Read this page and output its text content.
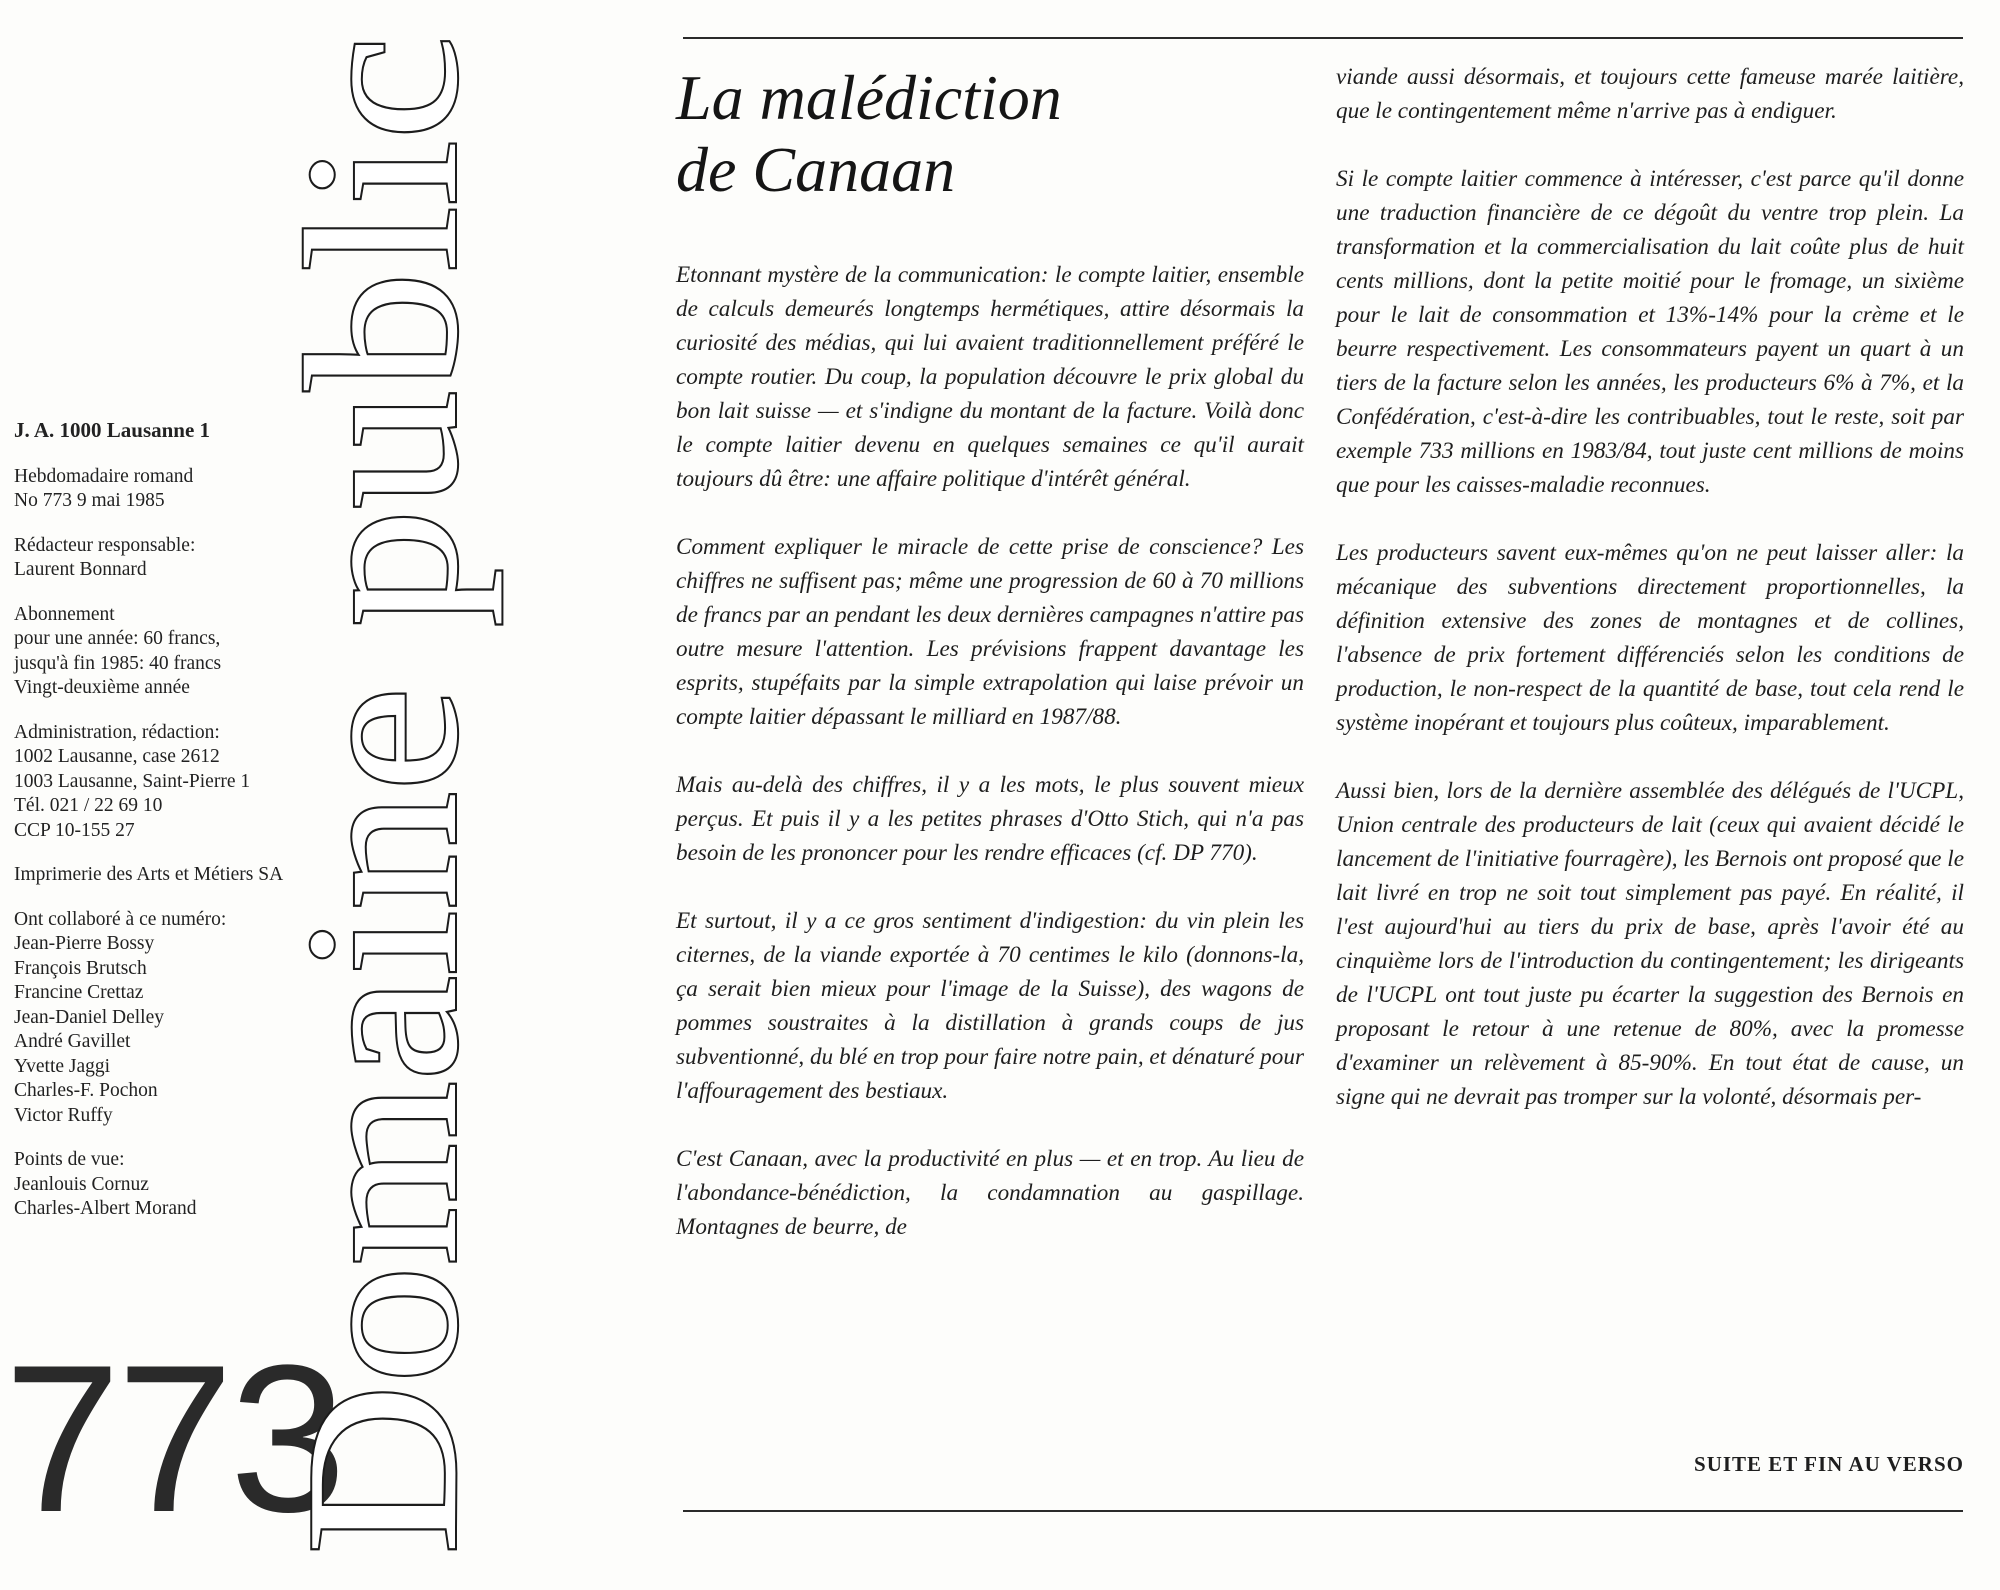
J. A. 1000 Lausanne 1
Hebdomadaire romand
No 773 9 mai 1985
Rédacteur responsable:
Laurent Bonnard
Abonnement
pour une année: 60 francs,
jusqu'à fin 1985: 40 francs
Vingt-deuxième année
Administration, rédaction:
1002 Lausanne, case 2612
1003 Lausanne, Saint-Pierre 1
Tél. 021 / 22 69 10
CCP 10-155 27
Imprimerie des Arts et Métiers SA
Ont collaboré à ce numéro:
Jean-Pierre Bossy
François Brutsch
Francine Crettaz
Jean-Daniel Delley
André Gavillet
Yvette Jaggi
Charles-F. Pochon
Victor Ruffy
Points de vue:
Jeanlouis Cornuz
Charles-Albert Morand
773
Domaine public
La malédiction
de Canaan

Etonnant mystère de la communication: le compte laitier, ensemble de calculs demeurés longtemps hermétiques, attire désormais la curiosité des médias, qui lui avaient traditionnellement préféré le compte routier. Du coup, la population découvre le prix global du bon lait suisse — et s'indigne du montant de la facture. Voilà donc le compte laitier devenu en quelques semaines ce qu'il aurait toujours dû être: une affaire politique d'intérêt général.

Comment expliquer le miracle de cette prise de conscience? Les chiffres ne suffisent pas; même une progression de 60 à 70 millions de francs par an pendant les deux dernières campagnes n'attire pas outre mesure l'attention. Les prévisions frappent davantage les esprits, stupéfaits par la simple extrapolation qui laise prévoir un compte laitier dépassant le milliard en 1987/88.

Mais au-delà des chiffres, il y a les mots, le plus souvent mieux perçus. Et puis il y a les petites phrases d'Otto Stich, qui n'a pas besoin de les prononcer pour les rendre efficaces (cf. DP 770).

Et surtout, il y a ce gros sentiment d'indigestion: du vin plein les citernes, de la viande exportée à 70 centimes le kilo (donnons-la, ça serait bien mieux pour l'image de la Suisse), des wagons de pommes soustraites à la distillation à grands coups de jus subventionné, du blé en trop pour faire notre pain, et dénaturé pour l'affouragement des bestiaux.

C'est Canaan, avec la productivité en plus — et en trop. Au lieu de l'abondance-bénédiction, la condamnation au gaspillage. Montagnes de beurre, de

viande aussi désormais, et toujours cette fameuse marée laitière, que le contingentement même n'arrive pas à endiguer.

Si le compte laitier commence à intéresser, c'est parce qu'il donne une traduction financière de ce dégoût du ventre trop plein. La transformation et la commercialisation du lait coûte plus de huit cents millions, dont la petite moitié pour le fromage, un sixième pour le lait de consommation et 13%-14% pour la crème et le beurre respectivement. Les consommateurs payent un quart à un tiers de la facture selon les années, les producteurs 6% à 7%, et la Confédération, c'est-à-dire les contribuables, tout le reste, soit par exemple 733 millions en 1983/84, tout juste cent millions de moins que pour les caisses-maladie reconnues.

Les producteurs savent eux-mêmes qu'on ne peut laisser aller: la mécanique des subventions directement proportionnelles, la définition extensive des zones de montagnes et de collines, l'absence de prix fortement différenciés selon les conditions de production, le non-respect de la quantité de base, tout cela rend le système inopérant et toujours plus coûteux, imparablement.

Aussi bien, lors de la dernière assemblée des délégués de l'UCPL, Union centrale des producteurs de lait (ceux qui avaient décidé le lancement de l'initiative fourragère), les Bernois ont proposé que le lait livré en trop ne soit tout simplement pas payé. En réalité, il l'est aujourd'hui au tiers du prix de base, après l'avoir été au cinquième lors de l'introduction du contingentement; les dirigeants de l'UCPL ont tout juste pu écarter la suggestion des Bernois en proposant le retour à une retenue de 80%, avec la promesse d'examiner un relèvement à 85-90%. En tout état de cause, un signe qui ne devrait pas tromper sur la volonté, désormais per-

SUITE ET FIN AU VERSO
